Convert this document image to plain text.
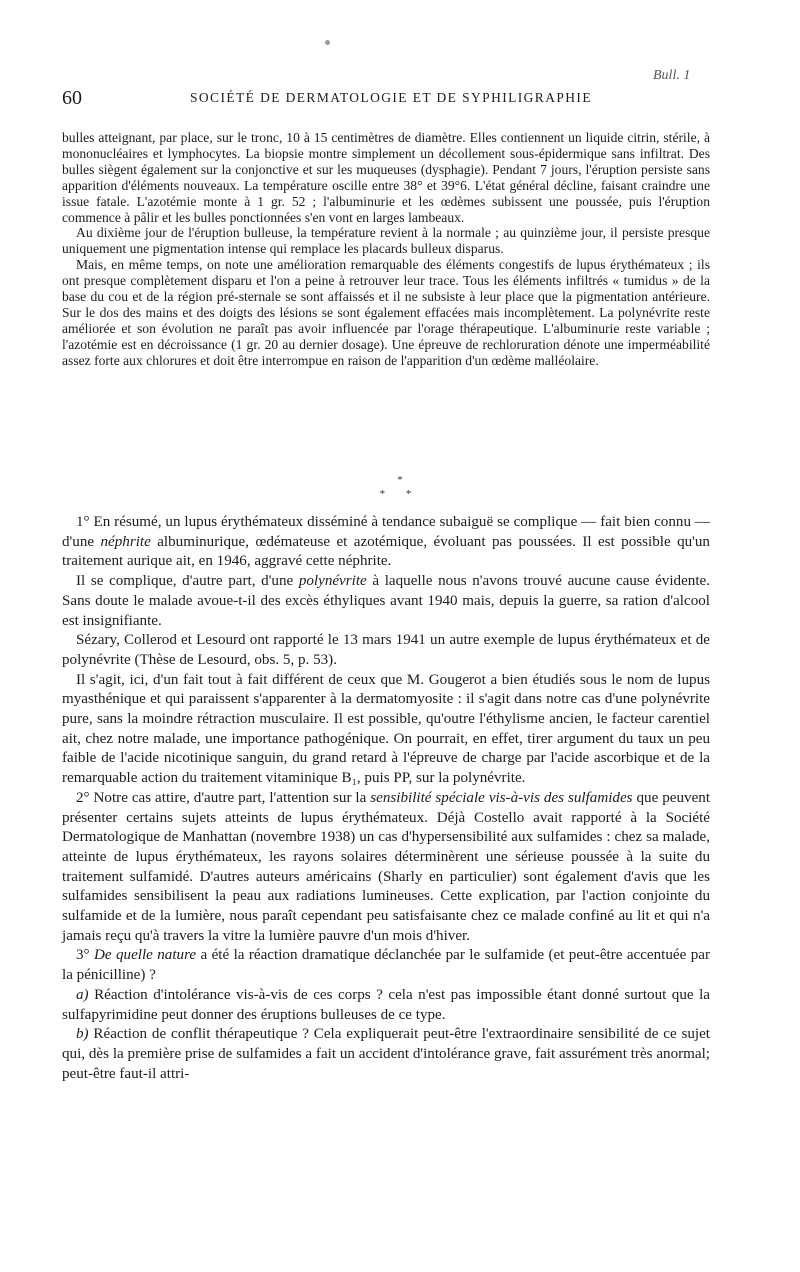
Bull. 1
60	SOCIÉTÉ DE DERMATOLOGIE ET DE SYPHILIGRAPHIE

bulles atteignant, par place, sur le tronc, 10 à 15 centimètres de diamètre. Elles contiennent un liquide citrin, stérile, à mononucléaires et lymphocytes. La biopsie montre simplement un décollement sous-épidermique sans infiltrat. Des bulles siègent également sur la conjonctive et sur les muqueuses (dysphagie). Pendant 7 jours, l'éruption persiste sans apparition d'éléments nouveaux. La température oscille entre 38° et 39°6. L'état général décline, faisant craindre une issue fatale. L'azotémie monte à 1 gr. 52 ; l'albuminurie et les œdèmes subissent une poussée, puis l'éruption commence à pâlir et les bulles ponctionnées s'en vont en larges lambeaux.

Au dixième jour de l'éruption bulleuse, la température revient à la normale ; au quinzième jour, il persiste presque uniquement une pigmentation intense qui remplace les placards bulleux disparus.

Mais, en même temps, on note une amélioration remarquable des éléments congestifs de lupus érythémateux ; ils ont presque complètement disparu et l'on a peine à retrouver leur trace. Tous les éléments infiltrés « tumidus » de la base du cou et de la région pré-sternale se sont affaissés et il ne subsiste à leur place que la pigmentation antérieure. Sur le dos des mains et des doigts des lésions se sont également effacées mais incomplètement. La polynévrite reste améliorée et son évolution ne paraît pas avoir influencée par l'orage thérapeutique. L'albuminurie reste variable ; l'azotémie est en décroissance (1 gr. 20 au dernier dosage). Une épreuve de rechloruration dénote une imperméabilité assez forte aux chlorures et doit être interrompue en raison de l'apparition d'un œdème malléolaire.

*
* *

1° En résumé, un lupus érythémateux disséminé à tendance subaiguë se complique — fait bien connu — d'une néphrite albuminurique, œdémateuse et azotémique, évoluant pas poussées. Il est possible qu'un traitement aurique ait, en 1946, aggravé cette néphrite.

Il se complique, d'autre part, d'une polynévrite à laquelle nous n'avons trouvé aucune cause évidente. Sans doute le malade avoue-t-il des excès éthyliques avant 1940 mais, depuis la guerre, sa ration d'alcool est insignifiante.

Sézary, Collerod et Lesourd ont rapporté le 13 mars 1941 un autre exemple de lupus érythémateux et de polynévrite (Thèse de Lesourd, obs. 5, p. 53).

Il s'agit, ici, d'un fait tout à fait différent de ceux que M. Gougerot a bien étudiés sous le nom de lupus myasthénique et qui paraissent s'apparenter à la dermatomyosite : il s'agit dans notre cas d'une polynévrite pure, sans la moindre rétraction musculaire. Il est possible, qu'outre l'éthylisme ancien, le facteur carentiel ait, chez notre malade, une importance pathogénique. On pourrait, en effet, tirer argument du taux un peu faible de l'acide nicotinique sanguin, du grand retard à l'épreuve de charge par l'acide ascorbique et de la remarquable action du traitement vitaminique B₁, puis PP, sur la polynévrite.

2° Notre cas attire, d'autre part, l'attention sur la sensibilité spéciale vis-à-vis des sulfamides que peuvent présenter certains sujets atteints de lupus érythémateux. Déjà Costello avait rapporté à la Société Dermatologique de Manhattan (novembre 1938) un cas d'hypersensibilité aux sulfamides : chez sa malade, atteinte de lupus érythémateux, les rayons solaires déterminèrent une sérieuse poussée à la suite du traitement sulfamidé. D'autres auteurs américains (Sharly en particulier) sont également d'avis que les sulfamides sensibilisent la peau aux radiations lumineuses. Cette explication, par l'action conjointe du sulfamide et de la lumière, nous paraît cependant peu satisfaisante chez ce malade confiné au lit et qui n'a jamais reçu qu'à travers la vitre la lumière pauvre d'un mois d'hiver.

3° De quelle nature a été la réaction dramatique déclanchée par le sulfamide (et peut-être accentuée par la pénicilline) ?

a) Réaction d'intolérance vis-à-vis de ces corps ? cela n'est pas impossible étant donné surtout que la sulfapyrimidine peut donner des éruptions bulleuses de ce type.

b) Réaction de conflit thérapeutique ? Cela expliquerait peut-être l'extraordinaire sensibilité de ce sujet qui, dès la première prise de sulfamides a fait un accident d'intolérance grave, fait assurément très anormal; peut-être faut-il attri-
